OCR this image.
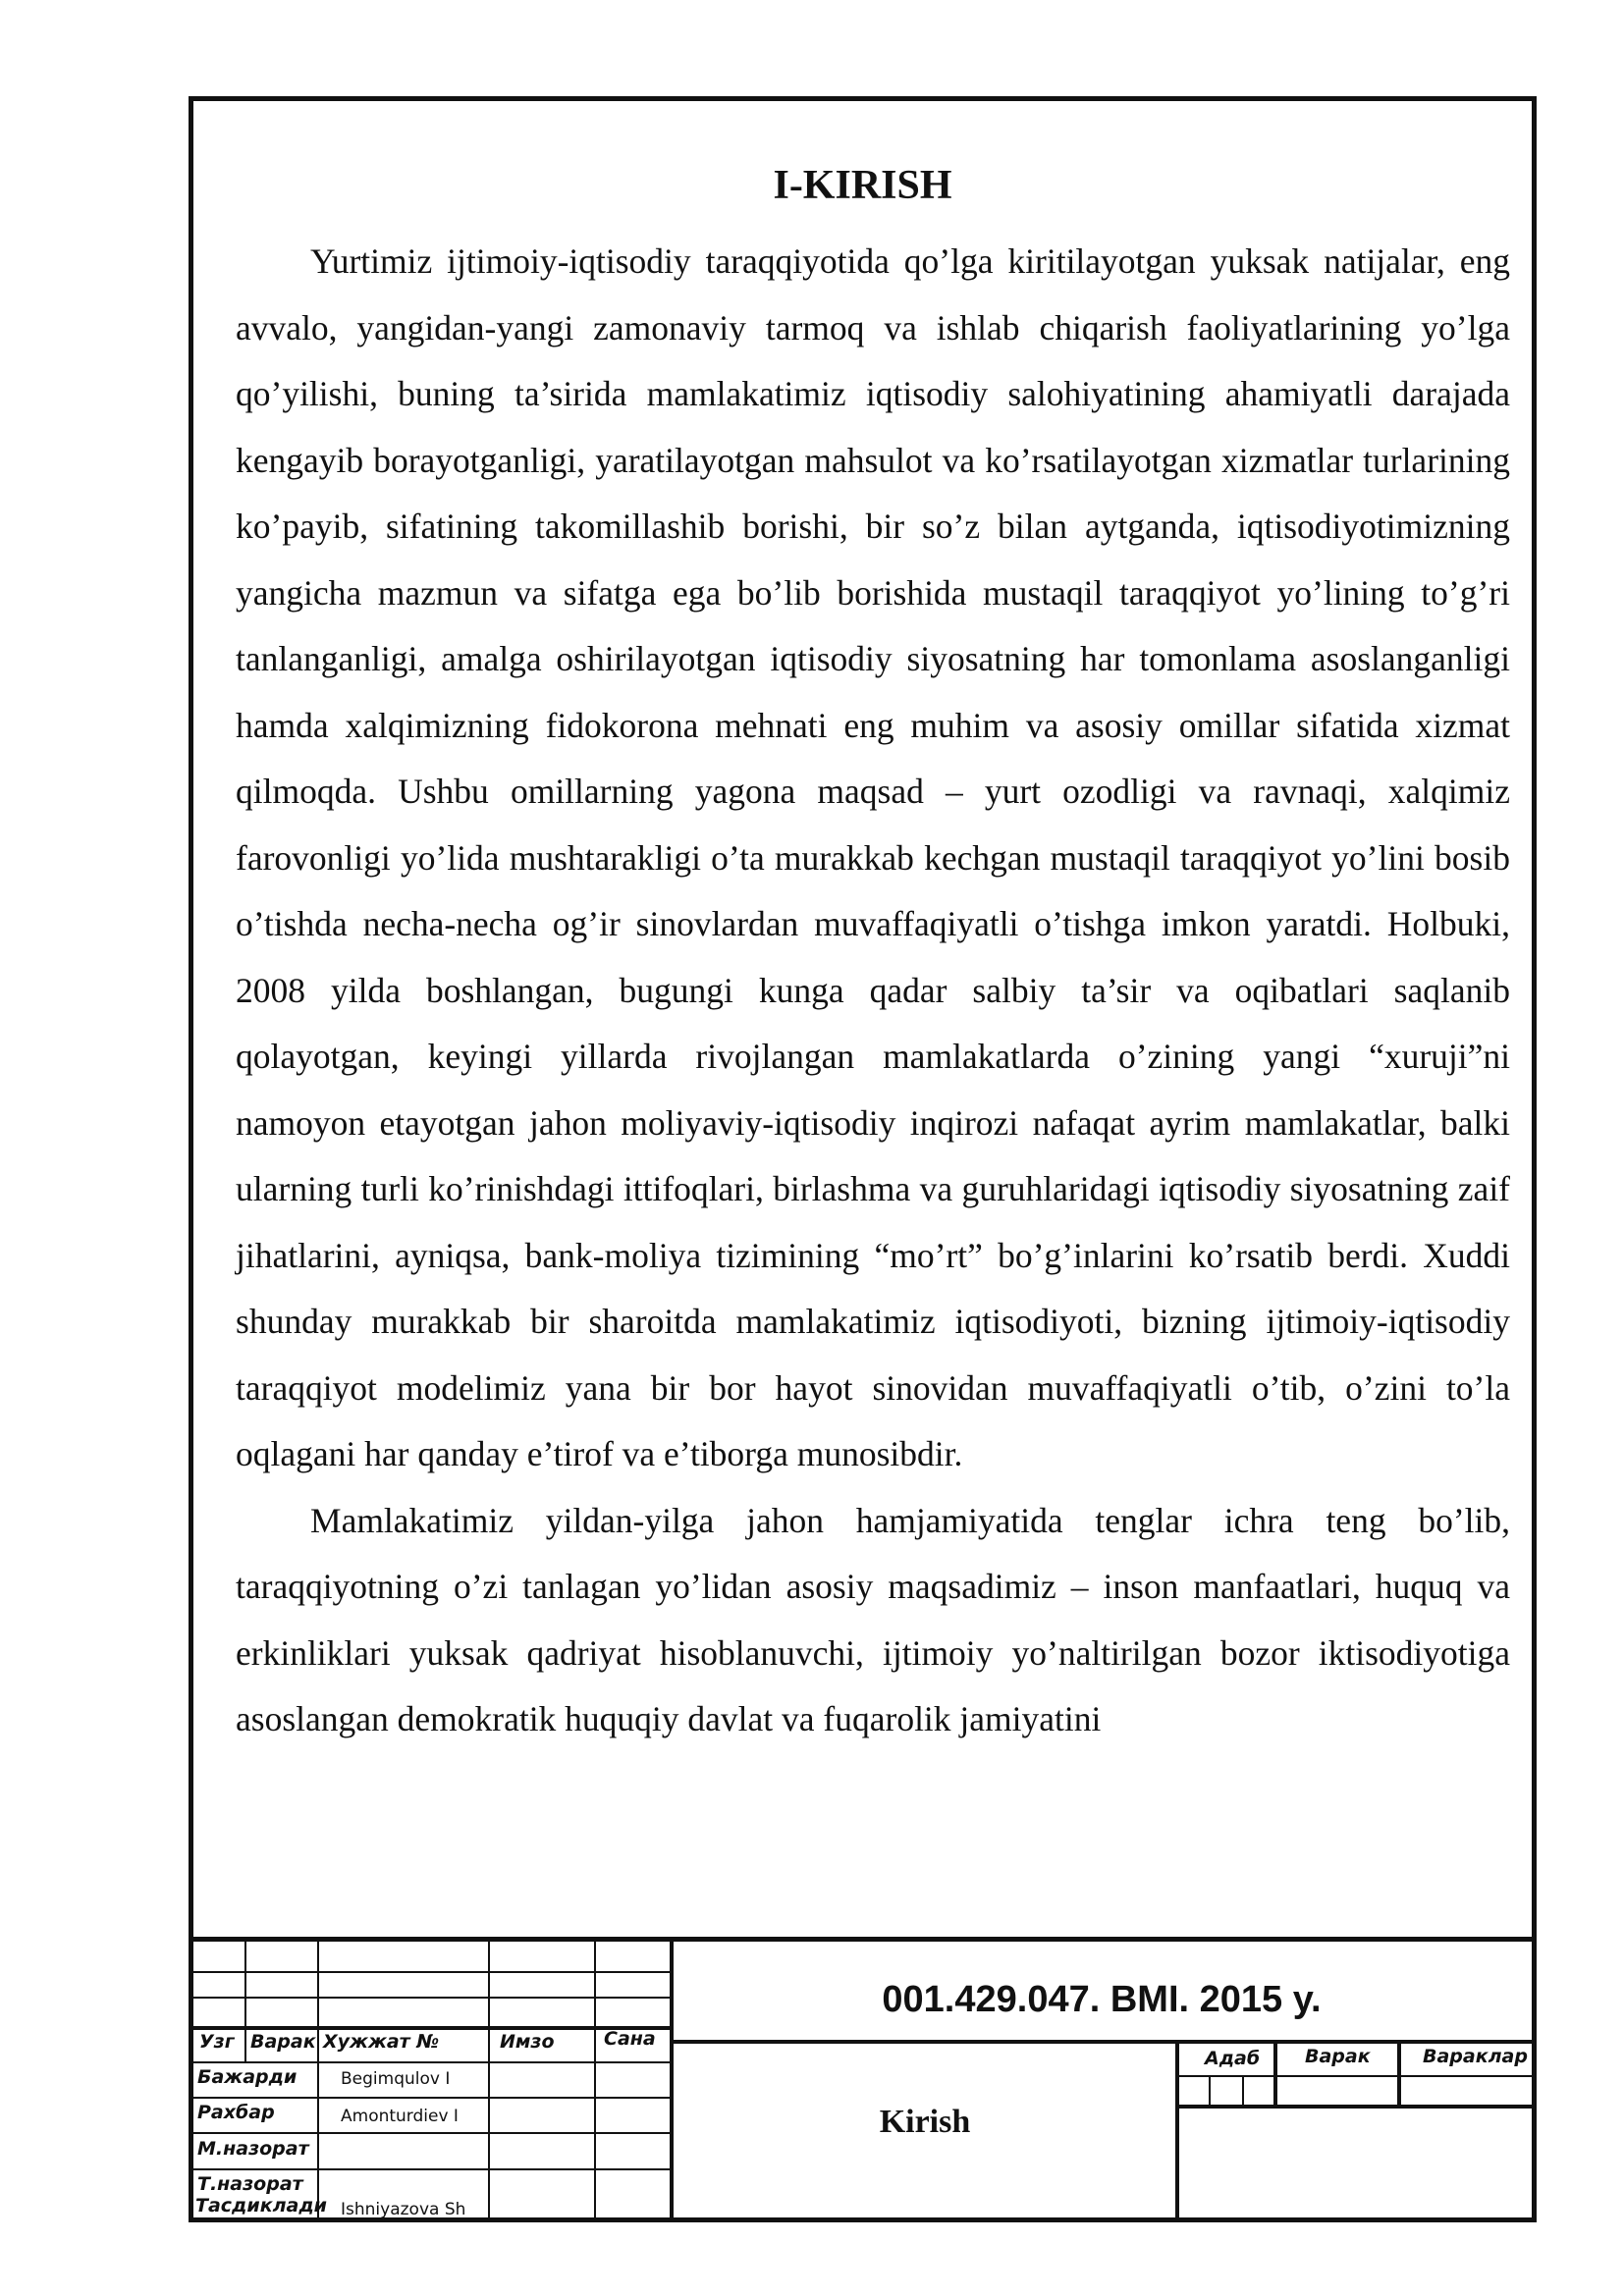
I-KIRISH

Yurtimiz ijtimoiy-iqtisodiy taraqqiyotida qo’lga kiritilayotgan yuksak natijalar, eng avvalo, yangidan-yangi zamonaviy tarmoq va ishlab chiqarish faoliyatlarining yo’lga qo’yilishi, buning ta’sirida mamlakatimiz iqtisodiy salohiyatining ahamiyatli darajada kengayib borayotganligi, yaratilayotgan mahsulot va ko’rsatilayotgan xizmatlar turlarining ko’payib, sifatining takomillashib borishi, bir so’z bilan aytganda, iqtisodiyotimizning yangicha mazmun va sifatga ega bo’lib borishida mustaqil taraqqiyot yo’lining to’g’ri tanlanganligi, amalga oshirilayotgan iqtisodiy siyosatning har tomonlama asoslanganligi hamda xalqimizning fidokorona mehnati eng muhim va asosiy omillar sifatida xizmat qilmoqda. Ushbu omillarning yagona maqsad – yurt ozodligi va ravnaqi, xalqimiz farovonligi yo’lida mushtarakligi o’ta murakkab kechgan mustaqil taraqqiyot yo’lini bosib o’tishda necha-necha og’ir sinovlardan muvaffaqiyatli o’tishga imkon yaratdi. Holbuki, 2008 yilda boshlangan, bugungi kunga qadar salbiy ta’sir va oqibatlari saqlanib qolayotgan, keyingi yillarda rivojlangan mamlakatlarda o’zining yangi “xuruji”ni namoyon etayotgan jahon moliyaviy-iqtisodiy inqirozi nafaqat ayrim mamlakatlar, balki ularning turli ko’rinishdagi ittifoqlari, birlashma va guruhlaridagi iqtisodiy siyosatning zaif jihatlarini, ayniqsa, bank-moliya tizimining “mo’rt” bo’g’inlarini ko’rsatib berdi. Xuddi shunday murakkab bir sharoitda mamlakatimiz iqtisodiyoti, bizning ijtimoiy-iqtisodiy taraqqiyot modelimiz yana bir bor hayot sinovidan muvaffaqiyatli o’tib, o’zini to’la oqlagani har qanday e’tirof va e’tiborga munosibdir.

Mamlakatimiz yildan-yilga jahon hamjamiyatida tenglar ichra teng bo’lib, taraqqiyotning o’zi tanlagan yo’lidan asosiy maqsadimiz – inson manfaatlari, huquq va erkinliklari yuksak qadriyat hisoblanuvchi, ijtimoiy yo’naltirilgan bozor iktisodiyotiga asoslangan demokratik huquqiy davlat va fuqarolik jamiyatini

Узг Варак Хужжат №	Имзо	Сана
Бажарди	Begimqulov I
Рахбар	Amonturdiev I
М.назорат
Т.назорат
Тасдиклади Ishniyazova Sh
001.429.047. BMI. 2015 y.
Kirish
Адаб Варак	Вараклар
